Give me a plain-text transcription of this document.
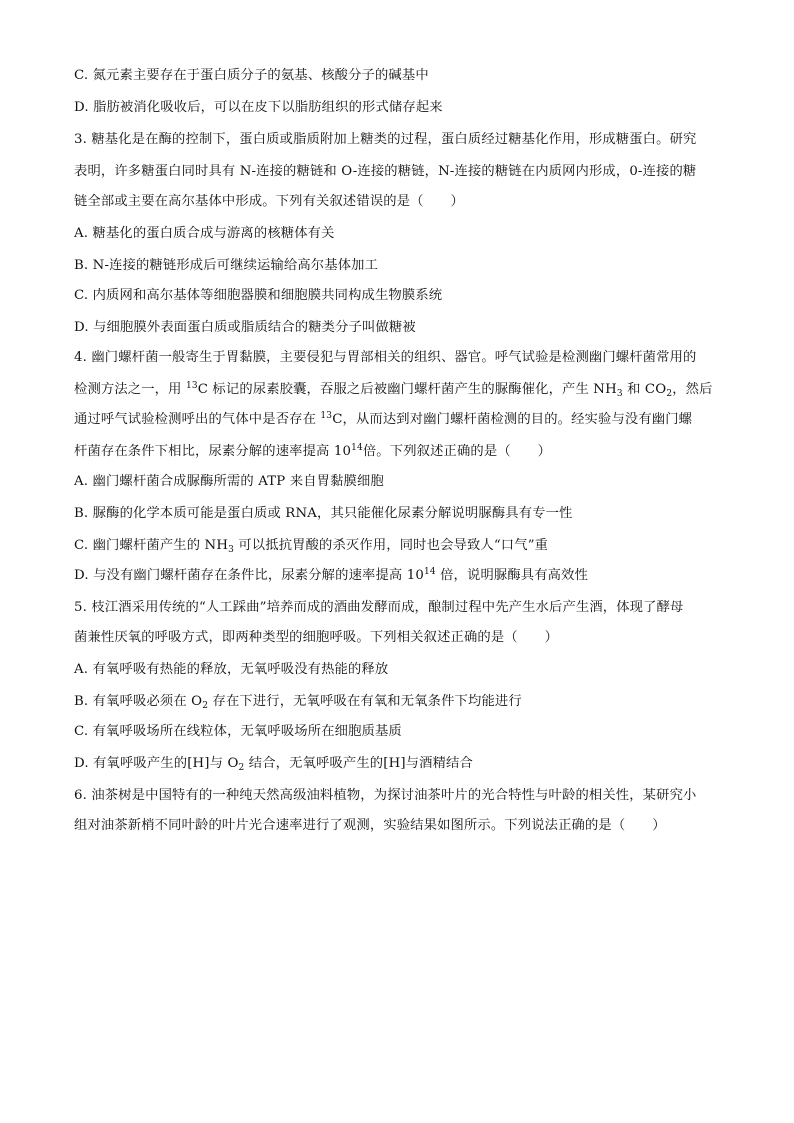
C. 氮元素主要存在于蛋白质分子的氨基、核酸分子的碱基中
D. 脂肪被消化吸收后，可以在皮下以脂肪组织的形式储存起来
3. 糖基化是在酶的控制下，蛋白质或脂质附加上糖类的过程，蛋白质经过糖基化作用，形成糖蛋白。研究
表明，许多糖蛋白同时具有 N-连接的糖链和 O-连接的糖链，N-连接的糖链在内质网内形成，0-连接的糖
链全部或主要在高尔基体中形成。下列有关叙述错误的是（　　）
A. 糖基化的蛋白质合成与游离的核糖体有关
B. N-连接的糖链形成后可继续运输给高尔基体加工
C. 内质网和高尔基体等细胞器膜和细胞膜共同构成生物膜系统
D. 与细胞膜外表面蛋白质或脂质结合的糖类分子叫做糖被
4. 幽门螺杆菌一般寄生于胃黏膜，主要侵犯与胃部相关的组织、器官。呼气试验是检测幽门螺杆菌常用的
检测方法之一，用 $^{13}$C 标记的尿素胶囊，吞服之后被幽门螺杆菌产生的脲酶催化，产生 $NH_3$ 和 $CO_2$，然后
通过呼气试验检测呼出的气体中是否存在 $^{13}$C，从而达到对幽门螺杆菌检测的目的。经实验与没有幽门螺
杆菌存在条件下相比，尿素分解的速率提高 $10^{14}$倍。下列叙述正确的是（　　）
A. 幽门螺杆菌合成脲酶所需的 ATP 来自胃黏膜细胞
B. 脲酶的化学本质可能是蛋白质或 RNA，其只能催化尿素分解说明脲酶具有专一性
C. 幽门螺杆菌产生的 $NH_3$ 可以抵抗胃酸的杀灭作用，同时也会导致人“口气”重
D. 与没有幽门螺杆菌存在条件比，尿素分解的速率提高 $10^{14}$ 倍，说明脲酶具有高效性
5. 枝江酒采用传统的“人工踩曲”培养而成的酒曲发酵而成，酿制过程中先产生水后产生酒，体现了酵母
菌兼性厌氧的呼吸方式，即两种类型的细胞呼吸。下列相关叙述正确的是（　　）
A. 有氧呼吸有热能的释放，无氧呼吸没有热能的释放
B. 有氧呼吸必须在 $O_2$ 存在下进行，无氧呼吸在有氧和无氧条件下均能进行
C. 有氧呼吸场所在线粒体，无氧呼吸场所在细胞质基质
D. 有氧呼吸产生的[H]与 $O_2$ 结合，无氧呼吸产生的[H]与酒精结合
6. 油茶树是中国特有的一种纯天然高级油料植物，为探讨油茶叶片的光合特性与叶龄的相关性，某研究小
组对油茶新梢不同叶龄的叶片光合速率进行了观测，实验结果如图所示。下列说法正确的是（　　）
